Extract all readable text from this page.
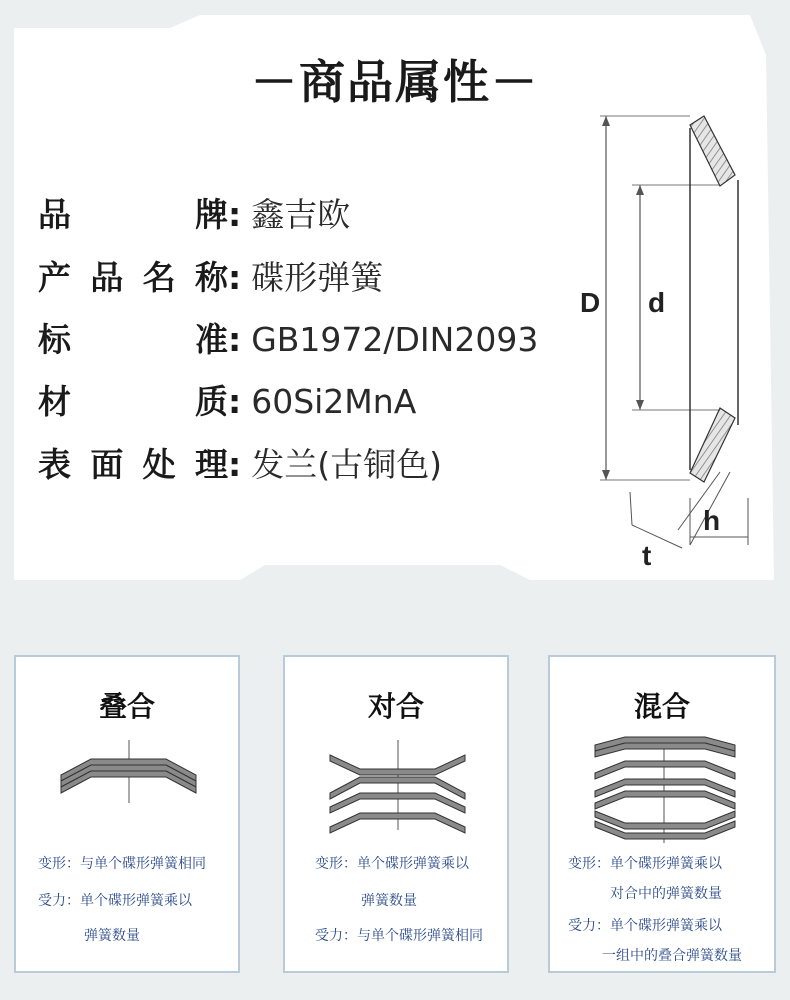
－商品属性－
品牌: 鑫吉欧
产品名称: 碟形弹簧
标准: GB1972/DIN2093
材质: 60Si2MnA
表面处理: 发兰(古铜色)
D d
h
t
叠合
变形：与单个碟形弹簧相同
受力：单个碟形弹簧乘以
弹簧数量
对合
变形：单个碟形弹簧乘以
弹簧数量
受力：与单个碟形弹簧相同
混合
变形：单个碟形弹簧乘以
对合中的弹簧数量
受力：单个碟形弹簧乘以
一组中的叠合弹簧数量
